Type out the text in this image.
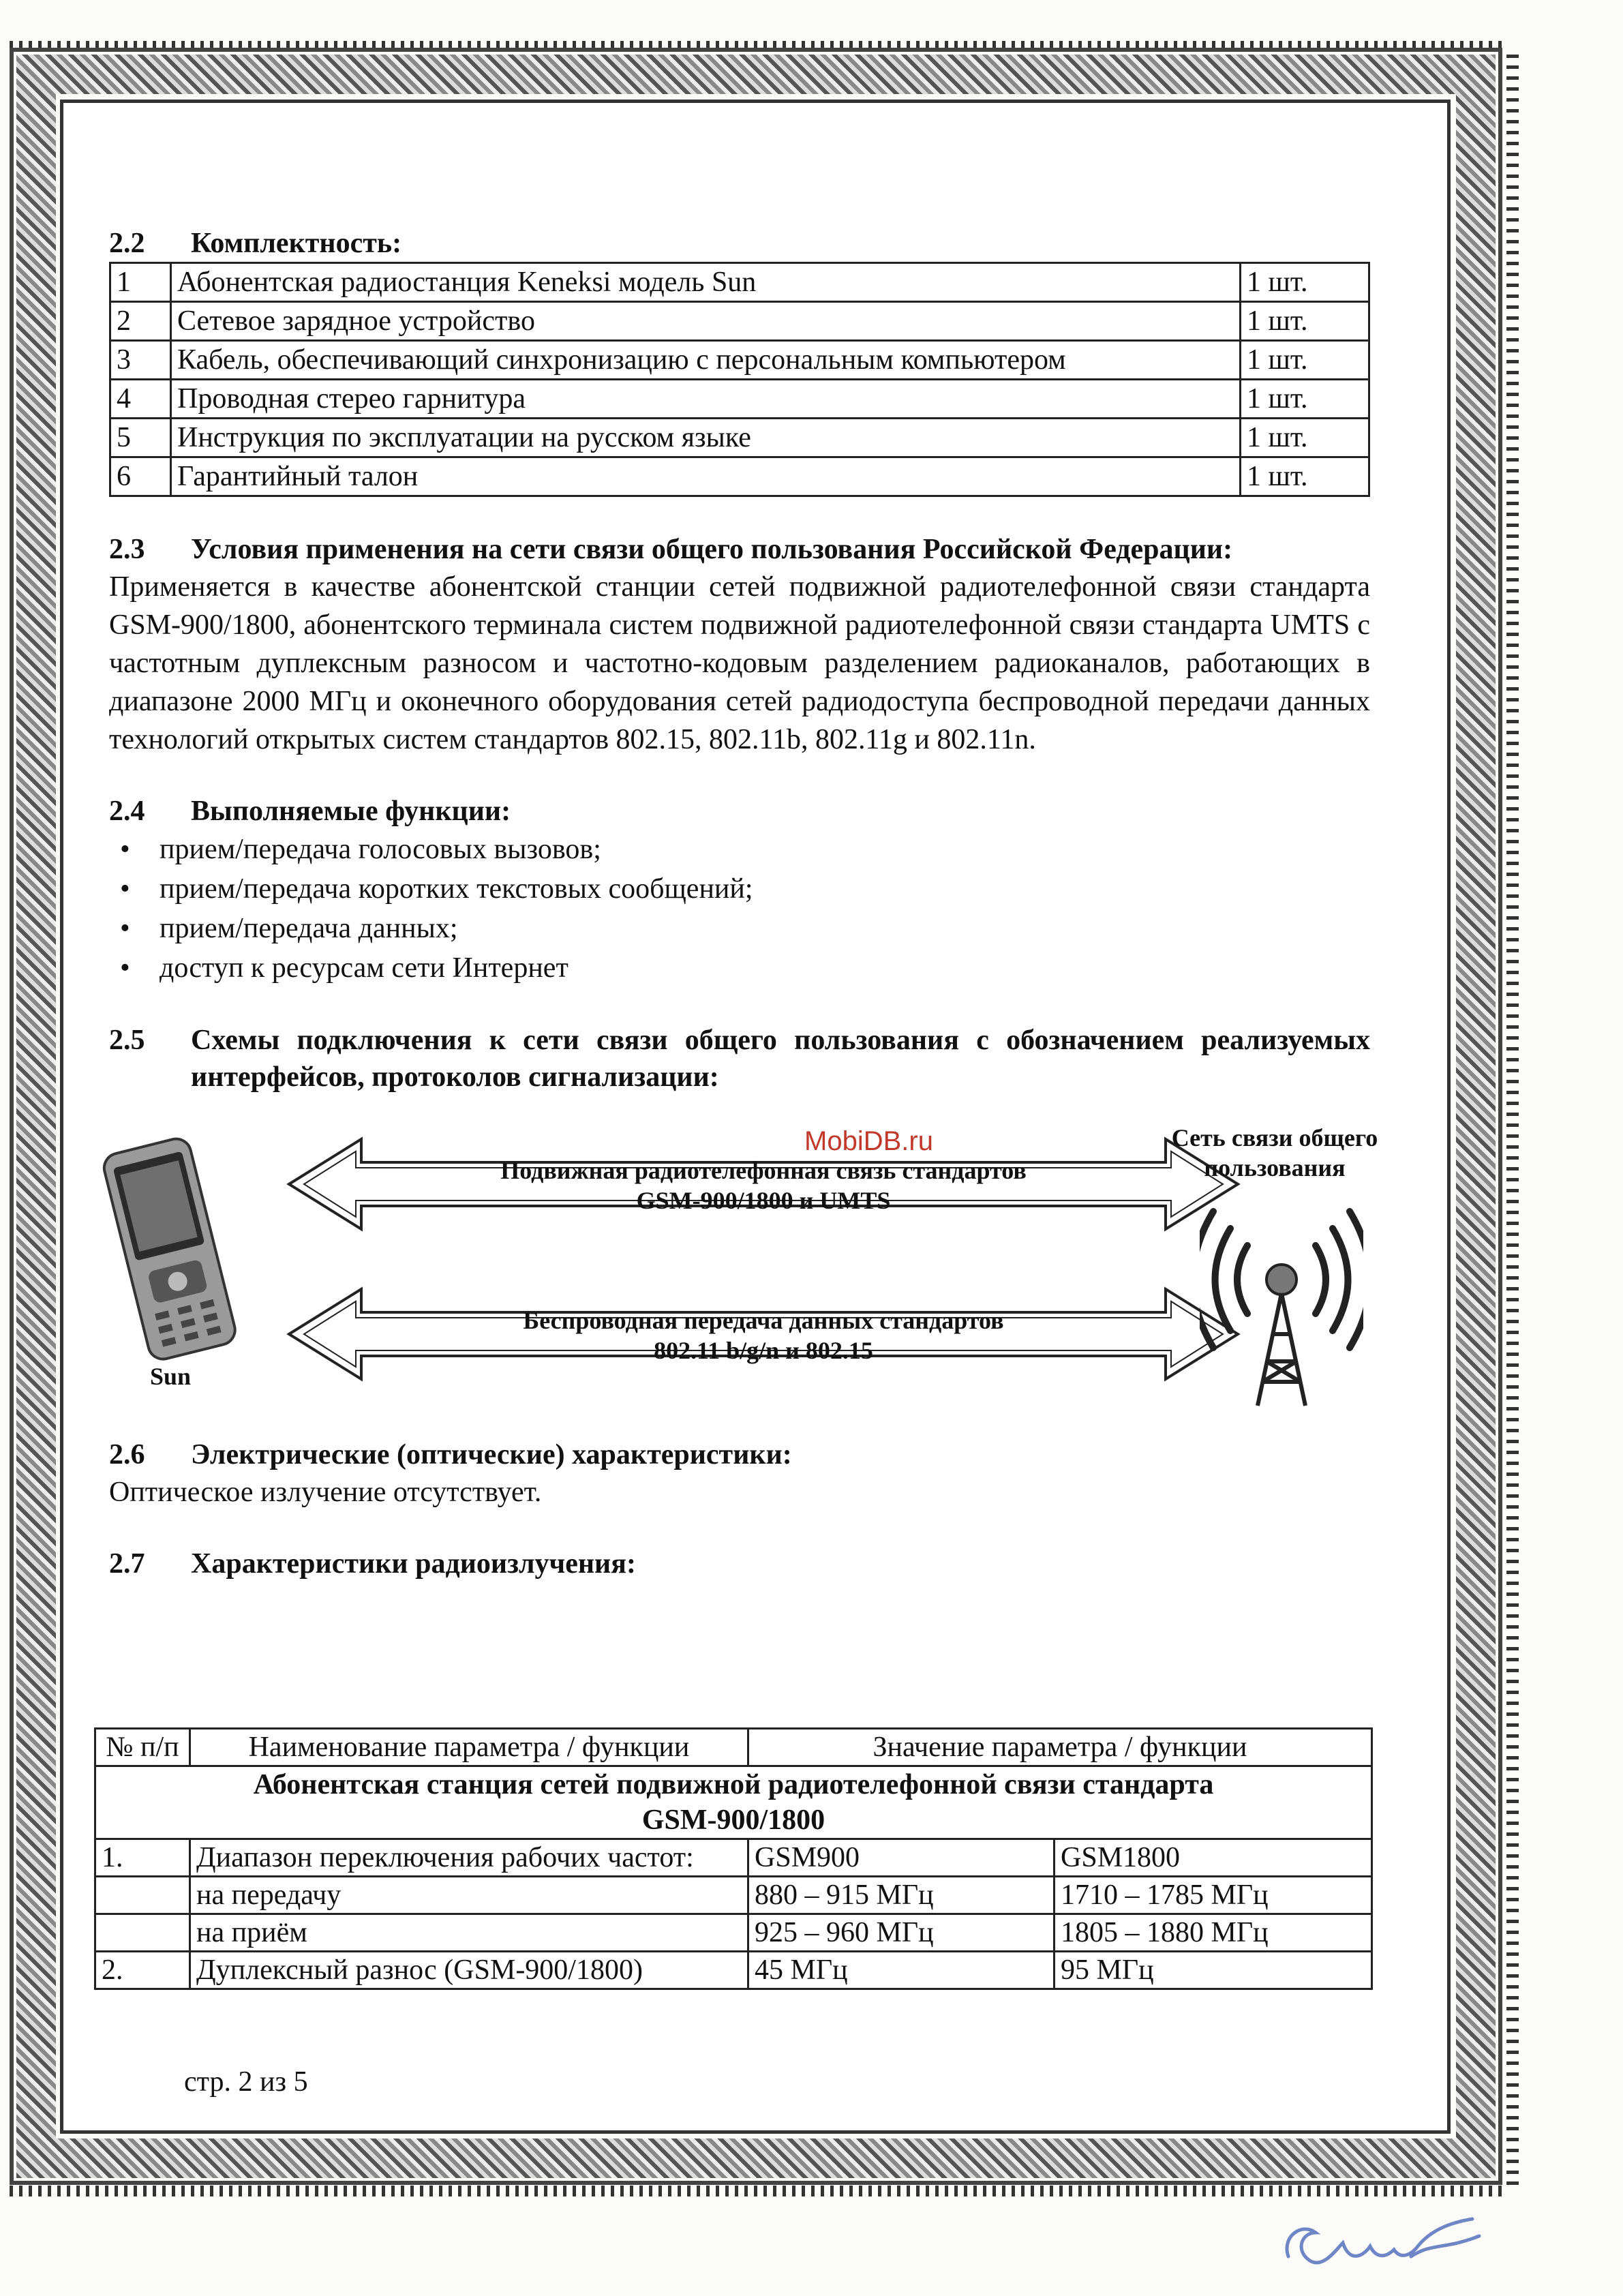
2.2	Комплектность:
1	Абонентская радиостанция Keneksi модель Sun	1 шт.
2	Сетевое зарядное устройство	1 шт.
3	Кабель, обеспечивающий синхронизацию с персональным компьютером	1 шт.
4	Проводная стерео гарнитура	1 шт.
5	Инструкция по эксплуатации на русском языке	1 шт.
6	Гарантийный талон	1 шт.
2.3	Условия применения на сети связи общего пользования Российской Федерации:
Применяется в качестве абонентской станции сетей подвижной радиотелефонной связи стандарта GSM-900/1800, абонентского терминала систем подвижной радиотелефонной связи стандарта UMTS с частотным дуплексным разносом и частотно-кодовым разделением радиоканалов, работающих в диапазоне 2000 МГц и оконечного оборудования сетей радиодоступа беспроводной передачи данных технологий открытых систем стандартов 802.15, 802.11b, 802.11g и 802.11n.
2.4	Выполняемые функции:
• прием/передача голосовых вызовов;
• прием/передача коротких текстовых сообщений;
• прием/передача данных;
• доступ к ресурсам сети Интернет
2.5	Схемы подключения к сети связи общего пользования с обозначением реализуемых интерфейсов, протоколов сигнализации:
Sun
Подвижная радиотелефонная связь стандартов
GSM-900/1800 и UMTS
Беспроводная передача данных стандартов
802.11 b/g/n и 802.15
Сеть связи общего
пользования
2.6	Электрические (оптические) характеристики:
Оптическое излучение отсутствует.
2.7	Характеристики радиоизлучения:
№ п/п	Наименование параметра / функции	Значение параметра / функции	

Абонентская станция сетей подвижной радиотелефонной связи стандарта
GSM-900/1800			

1.	Диапазон переключения рабочих частот:	GSM900	GSM1800
	на передачу	880 – 915 МГц	1710 – 1785 МГц
	на приём	925 – 960 МГц	1805 – 1880 МГц
2.	Дуплексный разнос (GSM-900/1800)	45 МГц	95 МГц
MobiDB.ru
стр. 2 из 5
